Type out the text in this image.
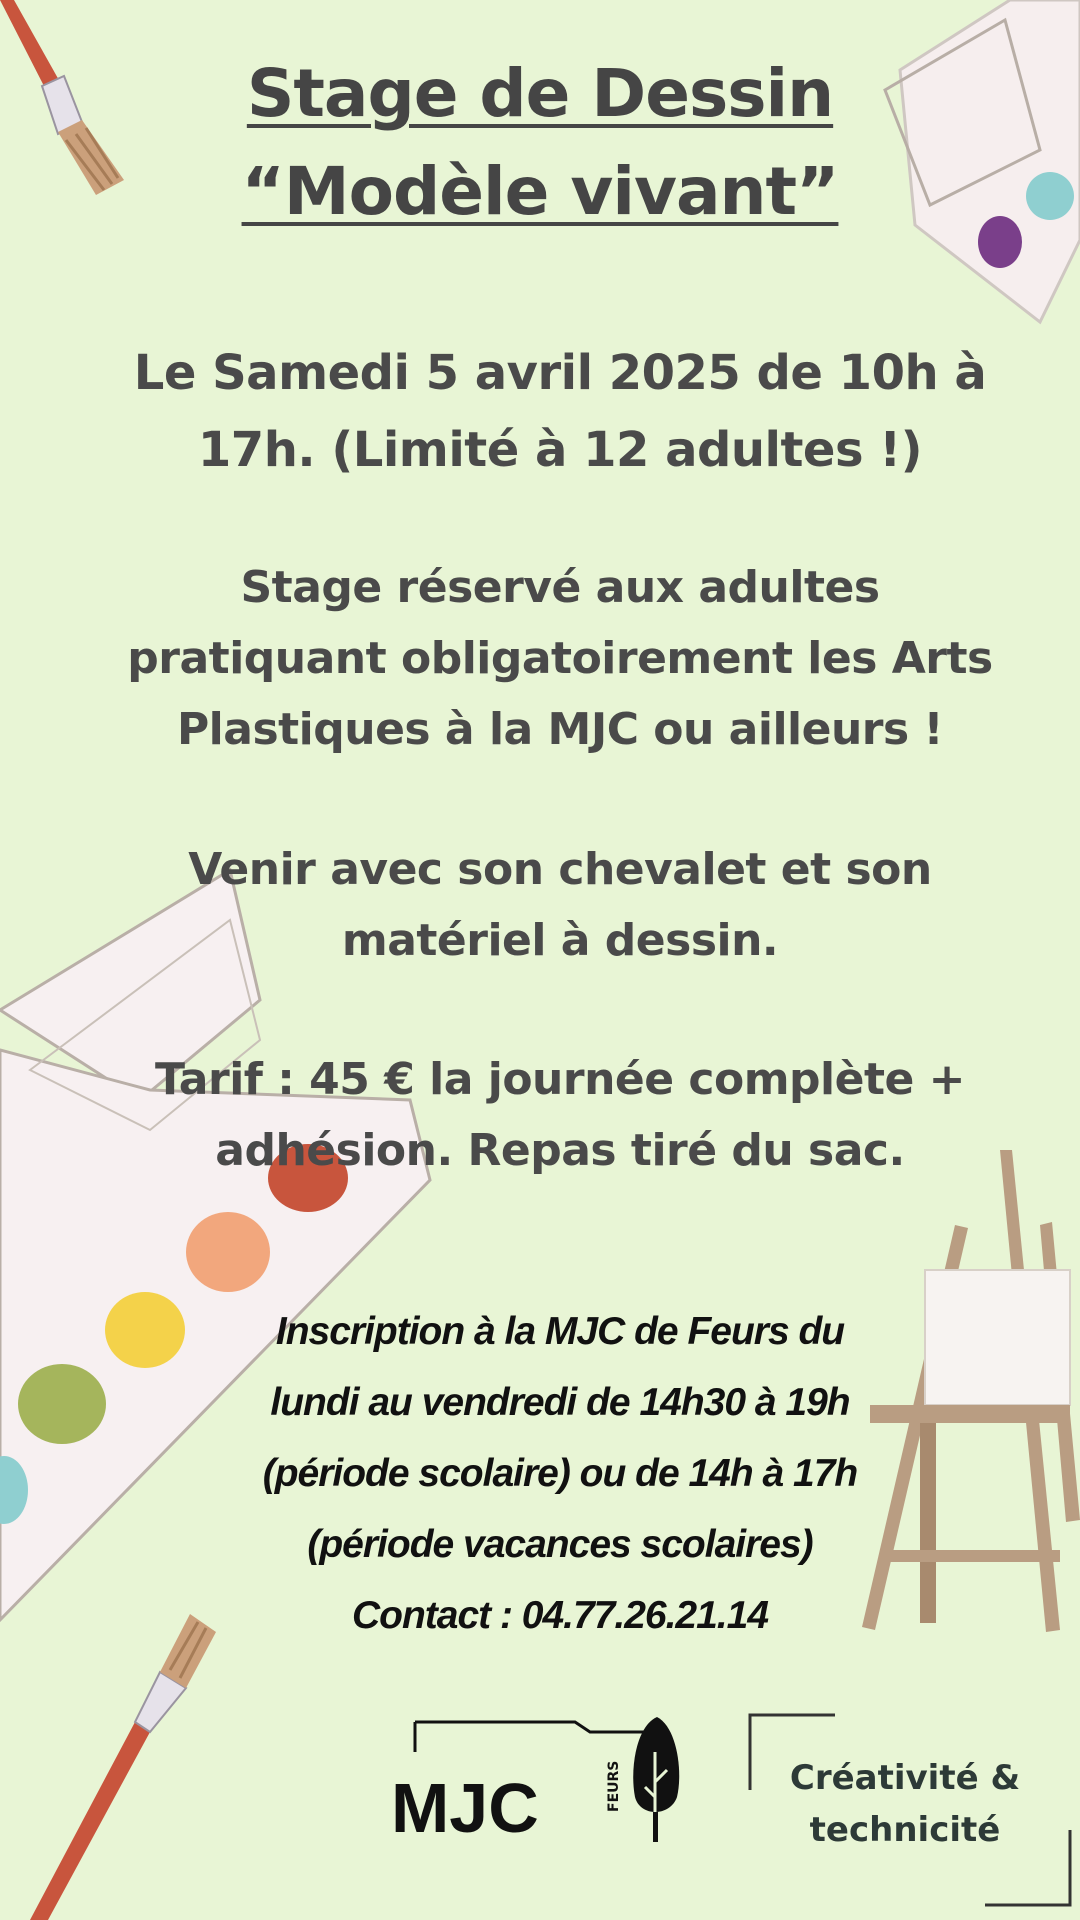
Stage de Dessin
“Modèle vivant”
Le Samedi 5 avril 2025 de 10h à
17h. (Limité à 12 adultes !)
Stage réservé aux adultes
pratiquant obligatoirement les Arts
Plastiques à la MJC ou ailleurs !
Venir avec son chevalet et son
matériel à dessin.
Tarif : 45 € la journée complète +
adhésion. Repas tiré du sac.
Inscription à la MJC de Feurs du
lundi au vendredi de 14h30 à 19h
(période scolaire) ou de 14h à 17h
(période vacances scolaires)
Contact : 04.77.26.21.14
MJC	FEURS	Créativité &
technicité
